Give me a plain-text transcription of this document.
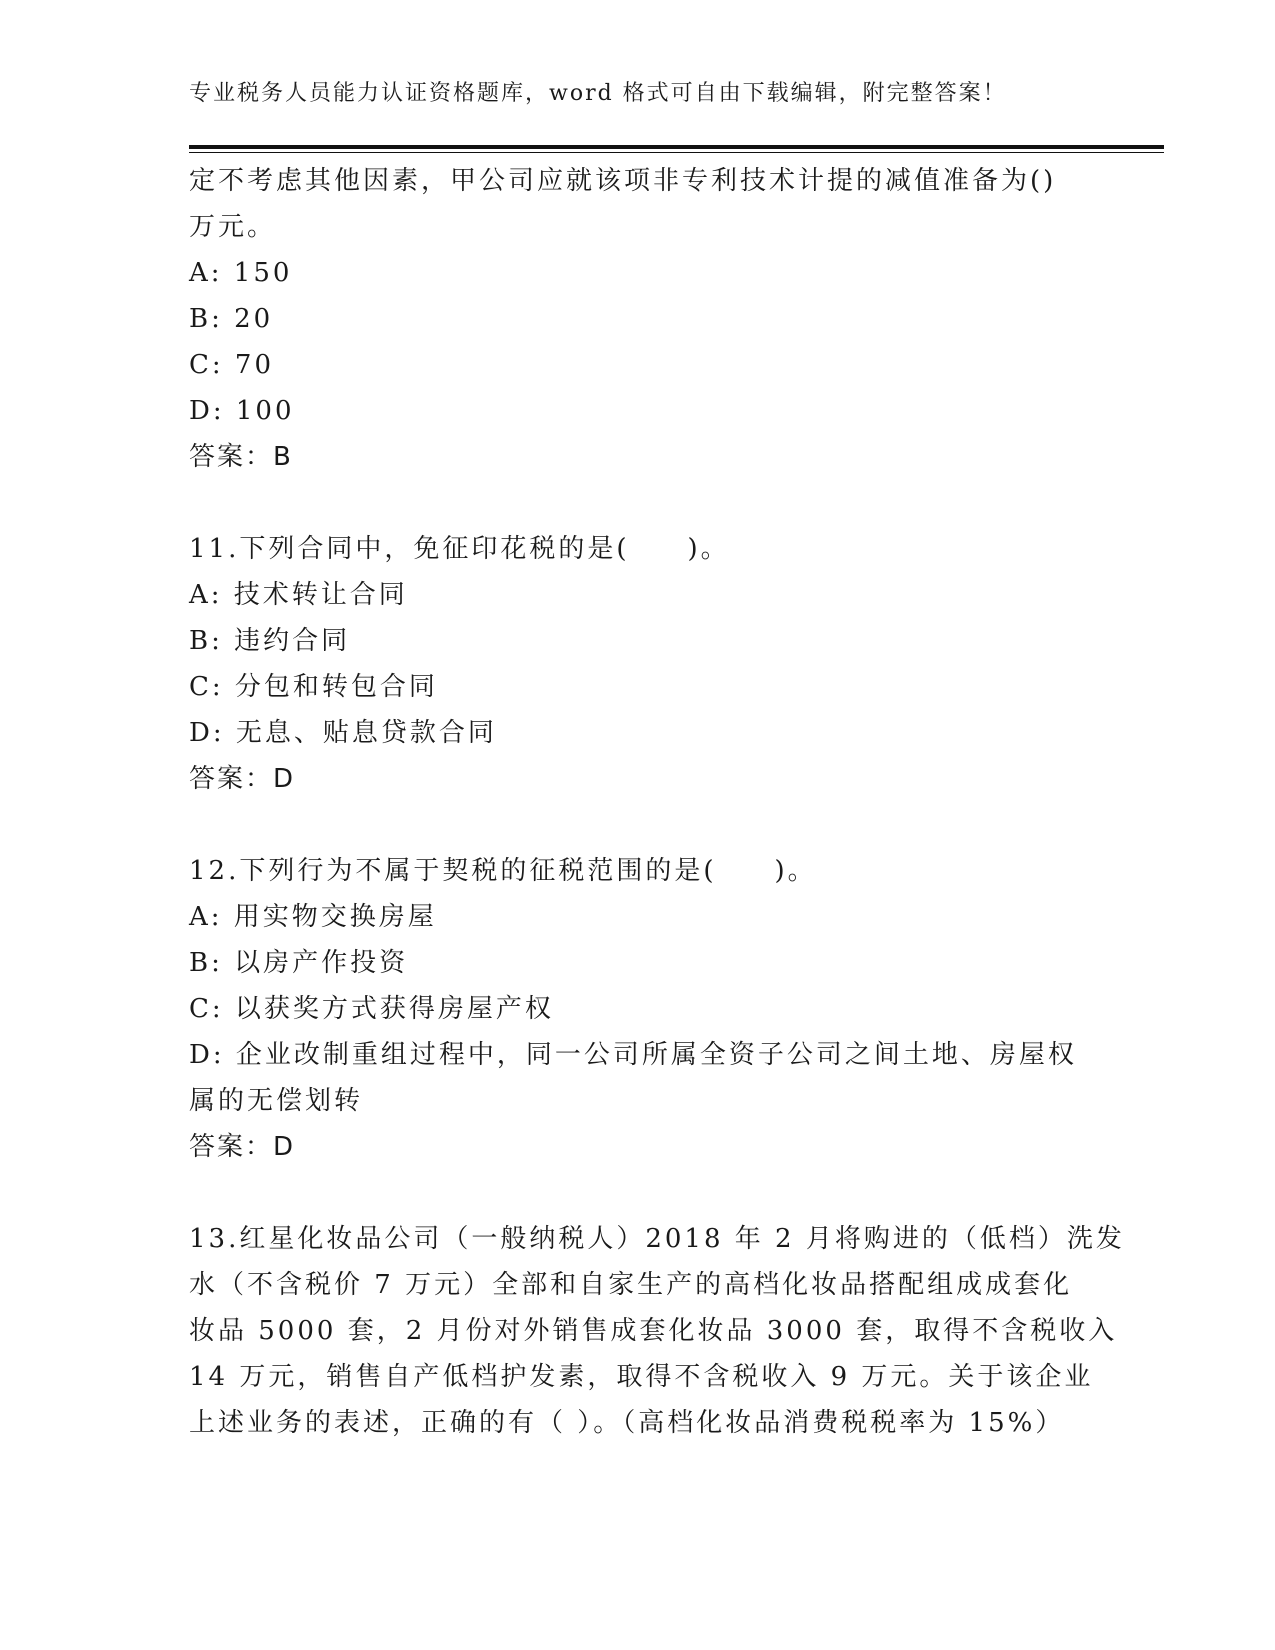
专业税务人员能力认证资格题库，word 格式可自由下载编辑，附完整答案！
定不考虑其他因素，甲公司应就该项非专利技术计提的减值准备为()
万元。
A: 150
B: 20
C: 70
D: 100
答案：B
11.下列合同中，免征印花税的是(　　)。
A: 技术转让合同
B: 违约合同
C: 分包和转包合同
D: 无息、贴息贷款合同
答案：D
12.下列行为不属于契税的征税范围的是(　　)。
A: 用实物交换房屋
B: 以房产作投资
C: 以获奖方式获得房屋产权
D: 企业改制重组过程中，同一公司所属全资子公司之间土地、房屋权
属的无偿划转
答案：D
13.红星化妆品公司（一般纳税人）2018 年 2 月将购进的（低档）洗发
水（不含税价 7 万元）全部和自家生产的高档化妆品搭配组成成套化
妆品 5000 套，2 月份对外销售成套化妆品 3000 套，取得不含税收入
14 万元，销售自产低档护发素，取得不含税收入 9 万元。关于该企业
上述业务的表述，正确的有（ ）。（高档化妆品消费税税率为 15%）
